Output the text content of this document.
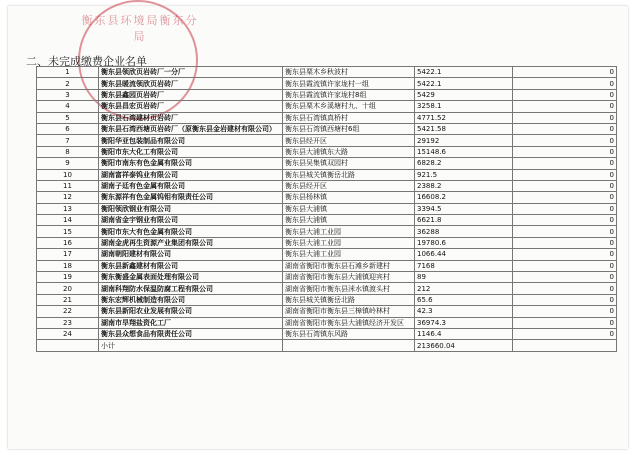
衡东县环境局衡东分局
二、未完成缴费企业名单
1	衡东县领欣页岩砖厂一分厂	衡东县栗木乡秋波村	5422.1	0
2	衡东县暖流领欣页岩砖厂	衡东县霞流镇许家垅村一组	5422.1	0
3	衡东县鑫园页岩砖厂	衡东县霞流镇许家垅村8组	5429	0
4	衡东县昌宏页岩砖厂	衡东县栗木乡溪塘村九、十组	3258.1	0
5	衡东县石湾建材页岩砖厂	衡东县石湾镇真桥村	4771.52	0
6	衡东县石湾西塘页岩砖厂（原衡东县金岩建材有限公司）	衡东县石湾镇西塘村6组	5421.58	0
7	衡阳华亚包装制品有限公司	衡东县经开区	29192	0
8	衡阳市东大化工有限公司	衡东县大浦镇东大路	15148.6	0
9	衡阳市南东有色金属有限公司	衡东县吴集镇双园村	6828.2	0
10	湖南富祥泰钨业有限公司	衡东县城关镇衡岳北路	921.5	0
11	湖南子廷有色金属有限公司	衡东县经开区	2388.2	0
12	衡东源祥有色金属钨钼有限责任公司	衡东县杨林镇	16608.2	0
13	衡阳领欣钢业有限公司	衡东县大浦镇	3394.5	0
14	湖南省金宇钢业有限公司	衡东县大浦镇	6621.8	0
15	衡阳市东大有色金属有限公司	衡东县大浦工业园	36288	0
16	湖南金虎再生资源产业集团有限公司	衡东县大浦工业园	19780.6	0
17	湖南朝阳建材有限公司	衡东县大浦工业园	1066.44	0
18	衡东县新鑫建材有限公司	湖南省衡阳市衡东县石滩乡新建村	7168	0
19	衡东衡盛金属表面处理有限公司	湖南省衡阳市衡东县大浦镇迎宾村	89	0
20	湖南科翔防水保温防腐工程有限公司	湖南省衡阳市衡东县洣水镇渡头村	212	0
21	衡东宏辉机械制造有限公司	衡东县城关镇衡岳北路	65.6	0
22	衡东县新阳农业发展有限公司	湖南省衡阳市衡东县三樟镇岭林村	42.3	0
23	湖南市旱翔盐资化工厂	湖南省衡阳市衡东县大浦镇经济开发区	36974.3	0
24	衡东县众想食品有限责任公司	衡东县石湾镇东风路	1146.4	0
	小计		213660.04	
